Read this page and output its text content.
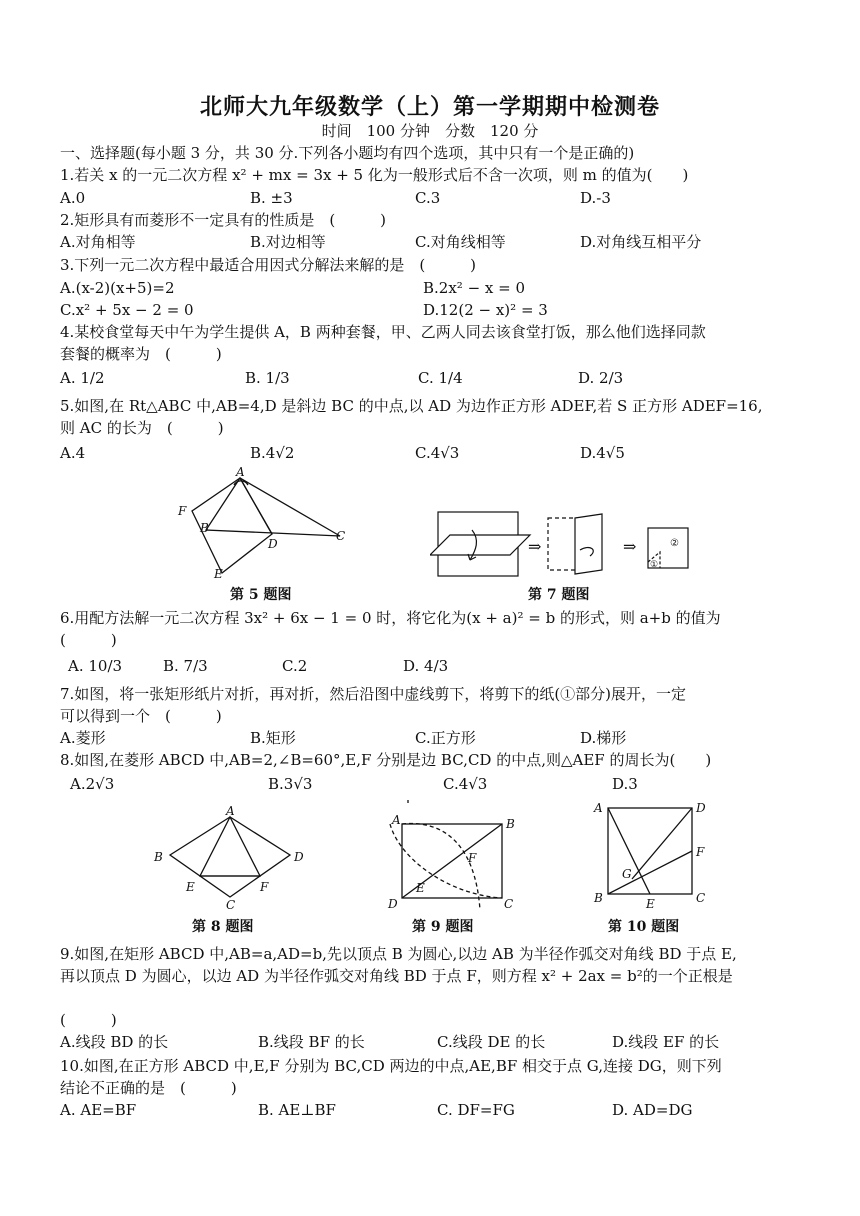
北师大九年级数学（上）第一学期期中检测卷
时间　100 分钟　分数　120 分
一、选择题(每小题 3 分，共 30 分.下列各小题均有四个选项，其中只有一个是正确的)
1.若关 x 的一元二次方程 x² + mx = 3x + 5 化为一般形式后不含一次项，则 m 的值为(　　)
A.0	B. ±3	C.3	D.-3
2.矩形具有而菱形不一定具有的性质是　(　　　)
A.对角相等	B.对边相等	C.对角线相等	D.对角线互相平分
3.下列一元二次方程中最适合用因式分解法来解的是　(　　　)
A.(x-2)(x+5)=2	B.2x² − x = 0
C.x² + 5x − 2 = 0	D.12(2 − x)² = 3
4.某校食堂每天中午为学生提供 A，B 两种套餐，甲、乙两人同去该食堂打饭，那么他们选择同款
套餐的概率为　(　　　)
A. 1/2	B. 1/3	C. 1/4	D. 2/3
5.如图,在 Rt△ABC 中,AB=4,D 是斜边 BC 的中点,以 AD 为边作正方形 ADEF,若 S 正方形 ADEF=16,
则 AC 的长为　(　　　)
A.4	B.4√2	C.4√3	D.4√5
A
F
B
D
C
E
第 5 题图
⇒	⇒
①
②
第 7 题图
6.用配方法解一元二次方程 3x² + 6x − 1 = 0 时，将它化为(x + a)² = b 的形式，则 a+b 的值为
(　　　)
A. 10/3	B. 7/3	C.2	D. 4/3
7.如图，将一张矩形纸片对折，再对折，然后沿图中虚线剪下，将剪下的纸(①部分)展开，一定
可以得到一个　(　　　)
A.菱形	B.矩形	C.正方形	D.梯形
8.如图,在菱形 ABCD 中,AB=2,∠B=60°,E,F 分别是边 BC,CD 的中点,则△AEF 的周长为(　　)
A.2√3	B.3√3	C.4√3	D.3
A
B	D
E	F
C
第 8 题图
A	B
F
E
D	C
第 9 题图
A	D
F
G
B	E	C
第 10 题图
9.如图,在矩形 ABCD 中,AB=a,AD=b,先以顶点 B 为圆心,以边 AB 为半径作弧交对角线 BD 于点 E,
再以顶点 D 为圆心，以边 AD 为半径作弧交对角线 BD 于点 F，则方程 x² + 2ax = b²的一个正根是
(　　　)
A.线段 BD 的长	B.线段 BF 的长	C.线段 DE 的长	D.线段 EF 的长
10.如图,在正方形 ABCD 中,E,F 分别为 BC,CD 两边的中点,AE,BF 相交于点 G,连接 DG，则下列
结论不正确的是　(　　　)
A. AE=BF	B. AE⊥BF	C. DF=FG	D. AD=DG
